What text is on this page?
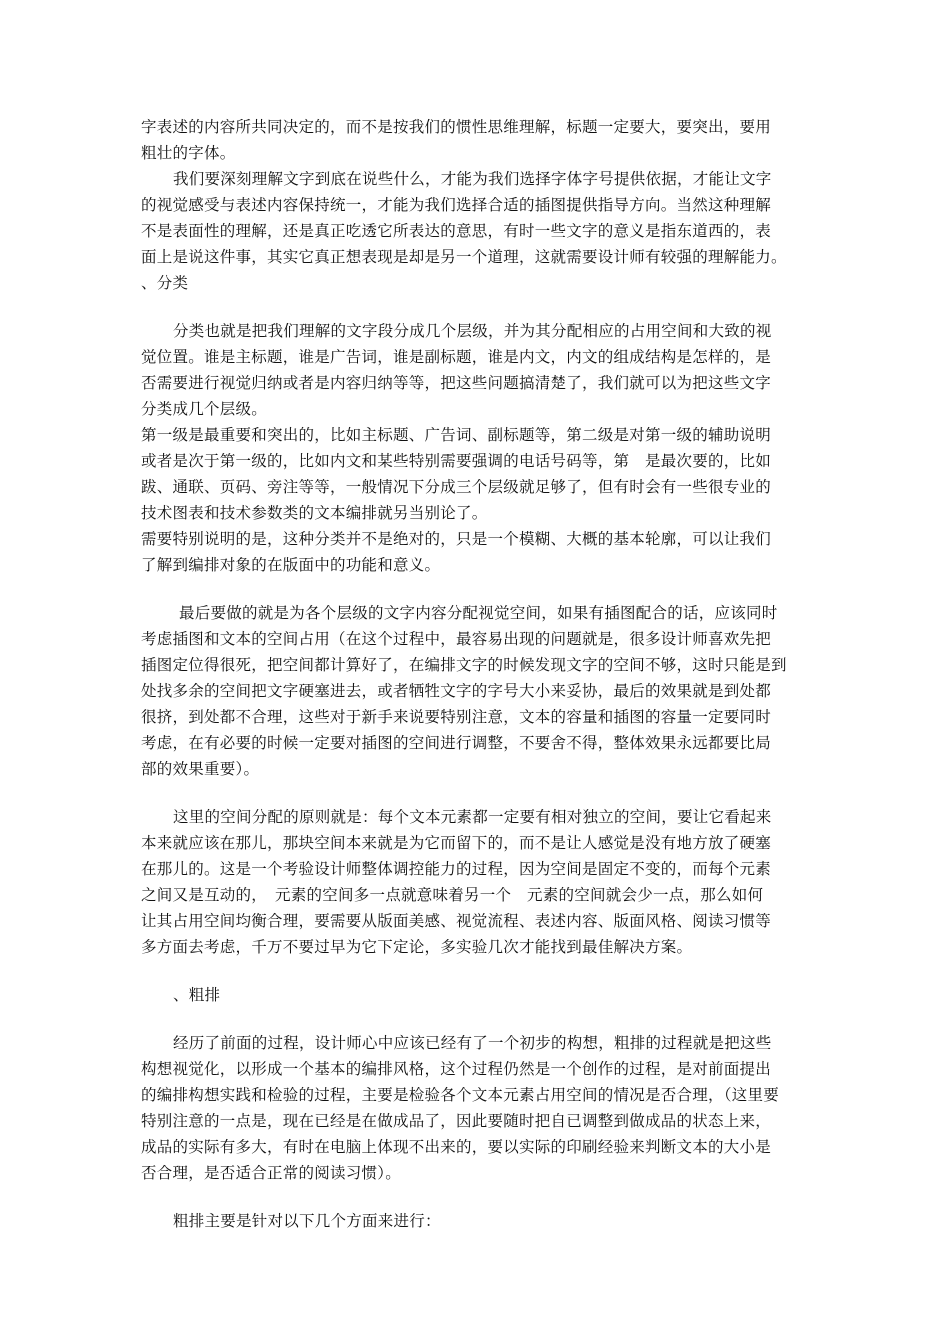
字表述的内容所共同决定的，而不是按我们的惯性思维理解，标题一定要大，要突出，要用
粗壮的字体。
我们要深刻理解文字到底在说些什么，才能为我们选择字体字号提供依据，才能让文字
的视觉感受与表述内容保持统一，才能为我们选择合适的插图提供指导方向。当然这种理解
不是表面性的理解，还是真正吃透它所表达的意思，有时一些文字的意义是指东道西的，表
面上是说这件事，其实它真正想表现是却是另一个道理，这就需要设计师有较强的理解能力。
、分类
分类也就是把我们理解的文字段分成几个层级，并为其分配相应的占用空间和大致的视
觉位置。谁是主标题，谁是广告词，谁是副标题，谁是内文，内文的组成结构是怎样的，是
否需要进行视觉归纳或者是内容归纳等等，把这些问题搞清楚了，我们就可以为把这些文字
分类成几个层级。
第一级是最重要和突出的，比如主标题、广告词、副标题等，第二级是对第一级的辅助说明
或者是次于第一级的，比如内文和某些特别需要强调的电话号码等，第　是最次要的，比如
跋、通联、页码、旁注等等，一般情况下分成三个层级就足够了，但有时会有一些很专业的
技术图表和技术参数类的文本编排就另当别论了。
需要特别说明的是，这种分类并不是绝对的，只是一个模糊、大概的基本轮廓，可以让我们
了解到编排对象的在版面中的功能和意义。
最后要做的就是为各个层级的文字内容分配视觉空间，如果有插图配合的话，应该同时
考虑插图和文本的空间占用（在这个过程中，最容易出现的问题就是，很多设计师喜欢先把
插图定位得很死，把空间都计算好了，在编排文字的时候发现文字的空间不够，这时只能是到
处找多余的空间把文字硬塞进去，或者牺牲文字的字号大小来妥协，最后的效果就是到处都
很挤，到处都不合理，这些对于新手来说要特别注意，文本的容量和插图的容量一定要同时
考虑，在有必要的时候一定要对插图的空间进行调整，不要舍不得，整体效果永远都要比局
部的效果重要）。
这里的空间分配的原则就是：每个文本元素都一定要有相对独立的空间，要让它看起来
本来就应该在那儿，那块空间本来就是为它而留下的，而不是让人感觉是没有地方放了硬塞
在那儿的。这是一个考验设计师整体调控能力的过程，因为空间是固定不变的，而每个元素
之间又是互动的，　元素的空间多一点就意味着另一个　元素的空间就会少一点，那么如何
让其占用空间均衡合理，要需要从版面美感、视觉流程、表述内容、版面风格、阅读习惯等
多方面去考虑，千万不要过早为它下定论，多实验几次才能找到最佳解决方案。
、粗排
经历了前面的过程，设计师心中应该已经有了一个初步的构想，粗排的过程就是把这些
构想视觉化，以形成一个基本的编排风格，这个过程仍然是一个创作的过程，是对前面提出
的编排构想实践和检验的过程，主要是检验各个文本元素占用空间的情况是否合理，（这里要
特别注意的一点是，现在已经是在做成品了，因此要随时把自已调整到做成品的状态上来，
成品的实际有多大，有时在电脑上体现不出来的，要以实际的印刷经验来判断文本的大小是
否合理，是否适合正常的阅读习惯）。
粗排主要是针对以下几个方面来进行：
